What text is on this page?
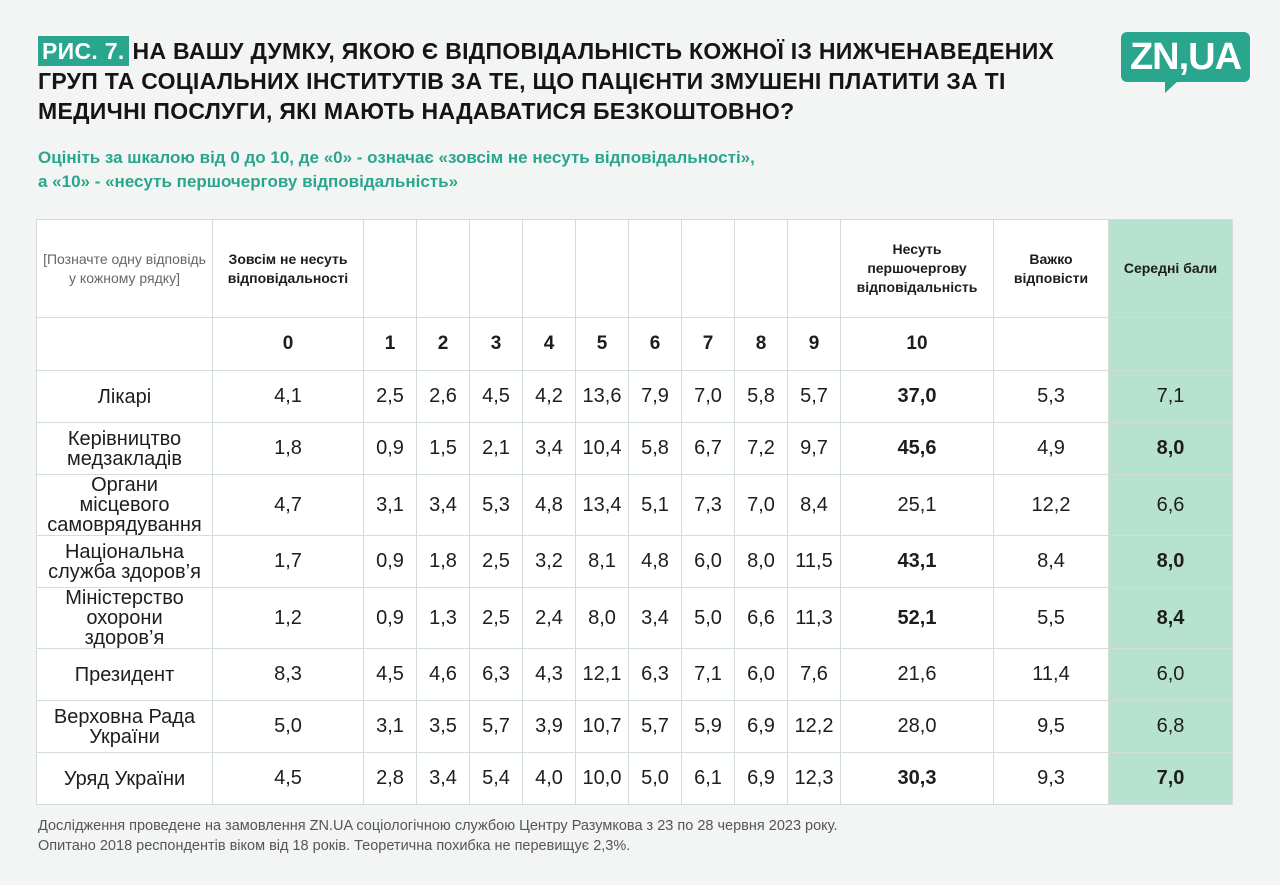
РИС. 7. НА ВАШУ ДУМКУ, ЯКОЮ Є ВІДПОВІДАЛЬНІСТЬ КОЖНОЇ ІЗ НИЖЧЕНАВЕДЕНИХ ГРУП ТА СОЦІАЛЬНИХ ІНСТИТУТІВ ЗА ТЕ, ЩО ПАЦІЄНТИ ЗМУШЕНІ ПЛАТИТИ ЗА ТІ МЕДИЧНІ ПОСЛУГИ, ЯКІ МАЮТЬ НАДАВАТИСЯ БЕЗКОШТОВНО?
ZN,UA

Оцініть за шкалою від 0 до 10, де «0» - означає «зовсім не несуть відповідальності»,
а «10» - «несуть першочергову відповідальність»

[Позначте одну відповідь у кожному рядку]	Зовсім не несуть відповідальності										Несуть першочергову відповідальність	Важко відповісти	Середні бали
	0	1	2	3	4	5	6	7	8	9	10		
Лікарі	4,1	2,5	2,6	4,5	4,2	13,6	7,9	7,0	5,8	5,7	37,0	5,3	7,1
Керівництво медзакладів	1,8	0,9	1,5	2,1	3,4	10,4	5,8	6,7	7,2	9,7	45,6	4,9	8,0
Органи місцевого самоврядування	4,7	3,1	3,4	5,3	4,8	13,4	5,1	7,3	7,0	8,4	25,1	12,2	6,6
Національна служба здоров’я	1,7	0,9	1,8	2,5	3,2	8,1	4,8	6,0	8,0	11,5	43,1	8,4	8,0
Міністерство охорони здоров’я	1,2	0,9	1,3	2,5	2,4	8,0	3,4	5,0	6,6	11,3	52,1	5,5	8,4
Президент	8,3	4,5	4,6	6,3	4,3	12,1	6,3	7,1	6,0	7,6	21,6	11,4	6,0
Верховна Рада України	5,0	3,1	3,5	5,7	3,9	10,7	5,7	5,9	6,9	12,2	28,0	9,5	6,8
Уряд України	4,5	2,8	3,4	5,4	4,0	10,0	5,0	6,1	6,9	12,3	30,3	9,3	7,0
Дослідження проведене на замовлення ZN.UA соціологічною службою Центру Разумкова з 23 по 28 червня 2023 року.
Опитано 2018 респондентів віком від 18 років. Теоретична похибка не перевищує 2,3%.
